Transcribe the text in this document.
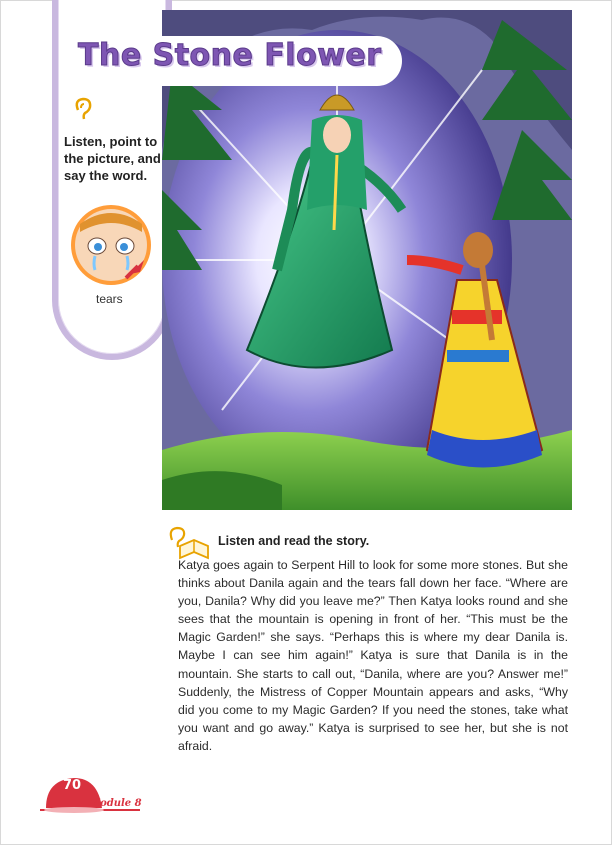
The Stone Flower
Listen, point to the picture, and say the word.
tears
Listen and read the story.

Katya goes again to Serpent Hill to look for some more stones. But she thinks about Danila again and the tears fall down her face. “Where are you, Danila? Why did you leave me?” Then Katya looks round and she sees that the mountain is opening in front of her. “This must be the Magic Garden!” she says. “Perhaps this is where my dear Danila is. Maybe I can see him again!” Katya is sure that Danila is in the mountain. She starts to call out, “Danila, where are you? Answer me!” Suddenly, the Mistress of Copper Mountain appears and asks, “Why did you come to my Magic Garden? If you need the stones, take what you want and go away.” Katya is surprised to see her, but she is not afraid.

70
Module 8
